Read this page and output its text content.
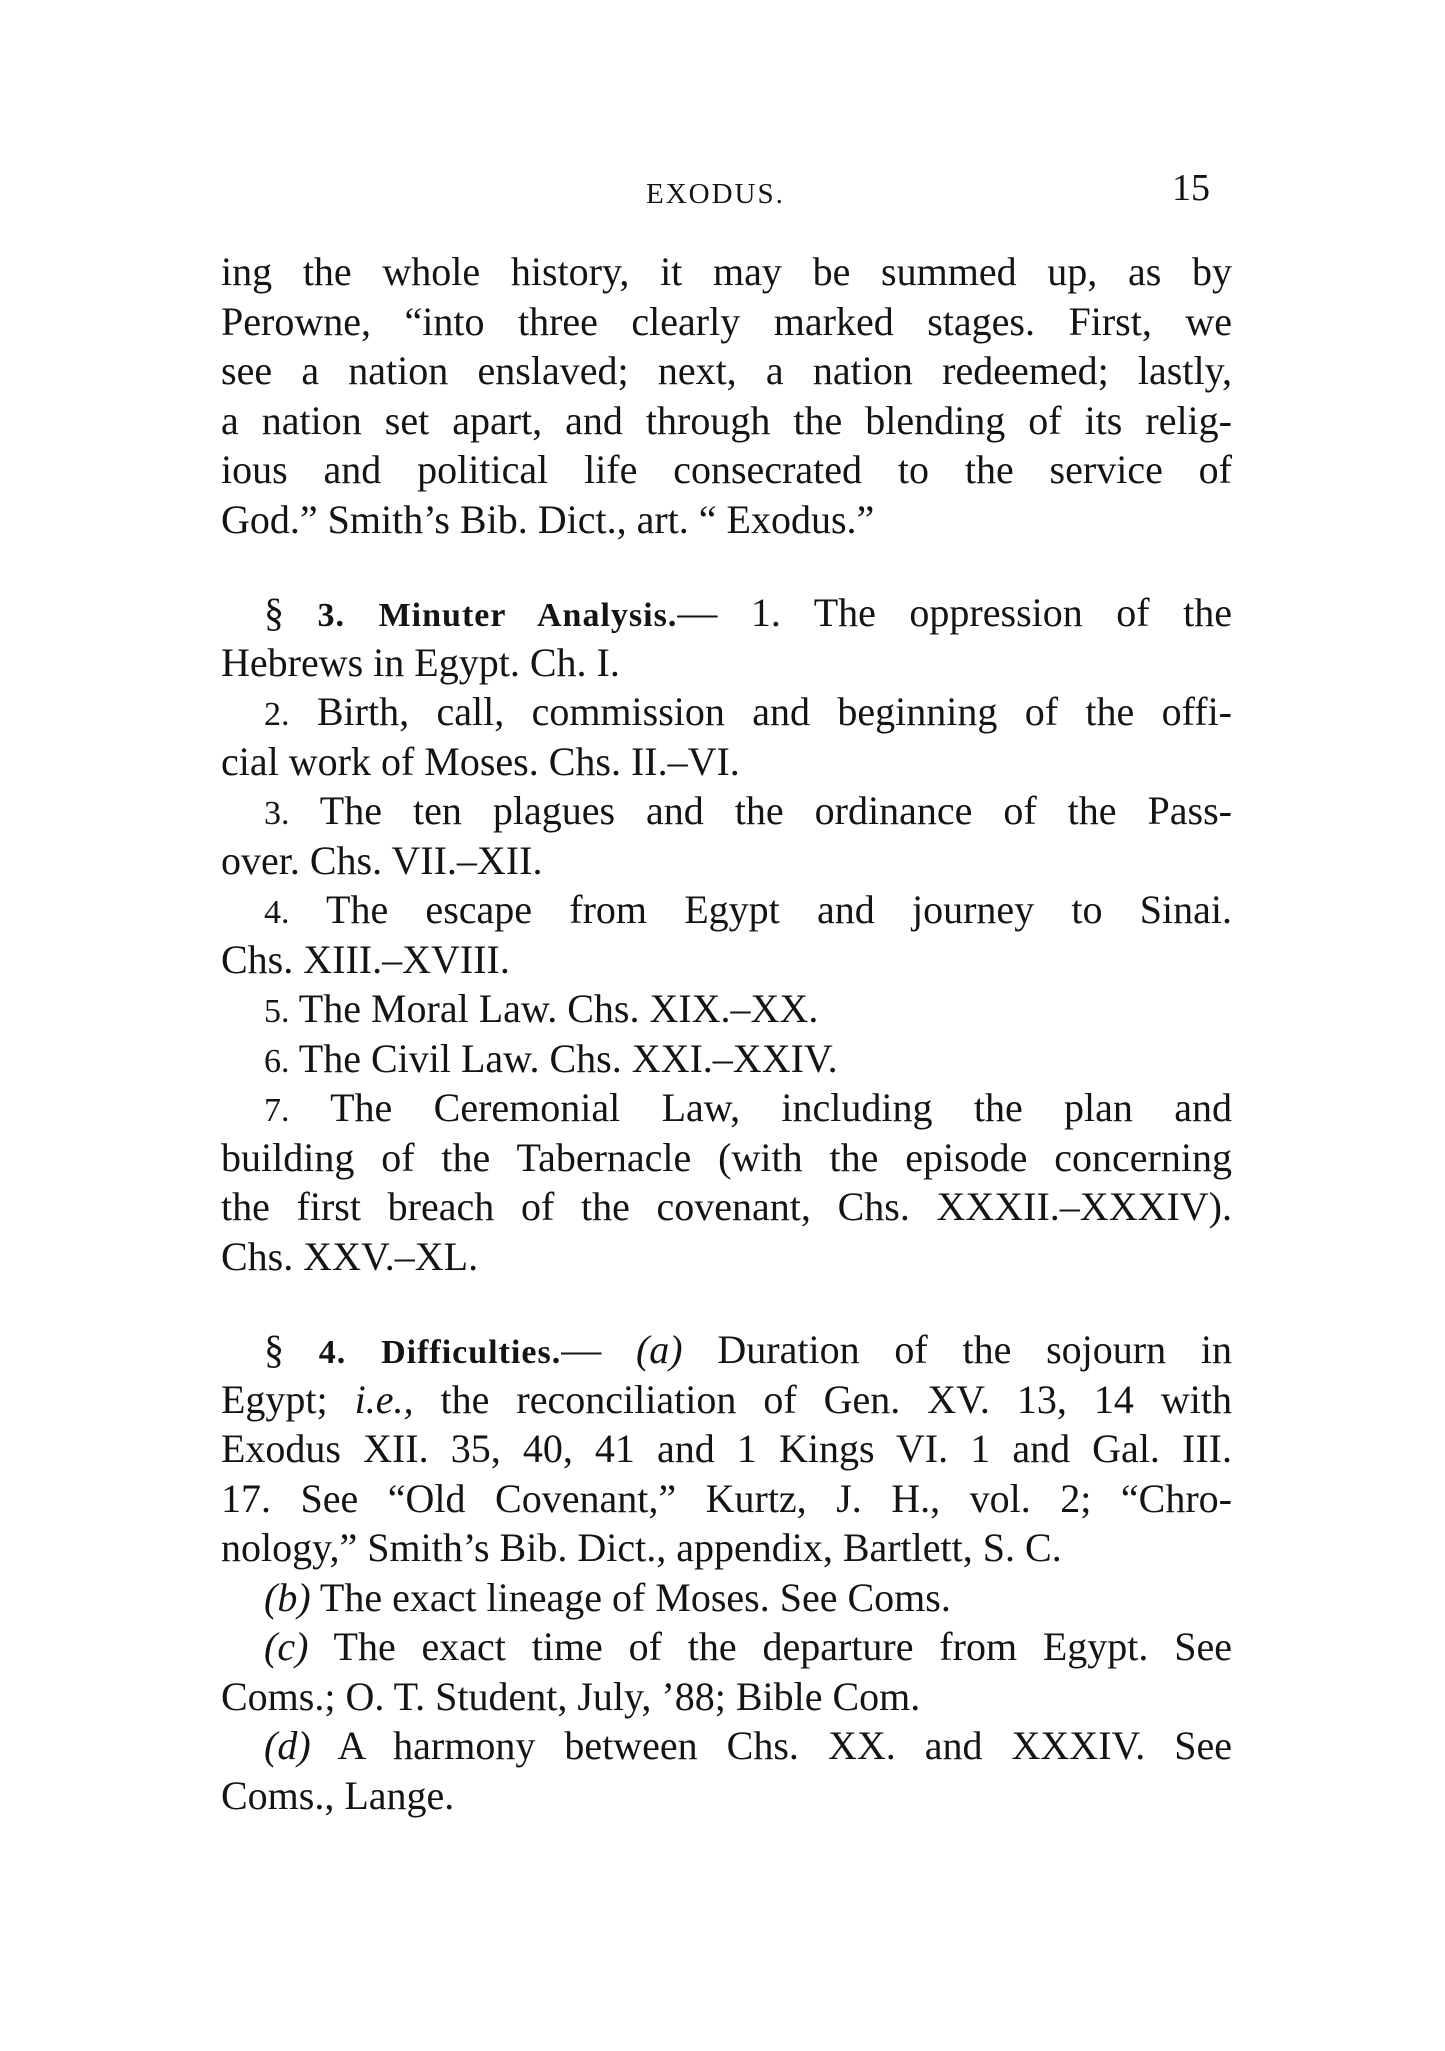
EXODUS.	15
ing the whole history, it may be summed up, as by
Perowne, “into three clearly marked stages. First, we
see a nation enslaved; next, a nation redeemed; lastly,
a nation set apart, and through the blending of its relig-
ious and political life consecrated to the service of
God.” Smith’s Bib. Dict., art. “ Exodus.”
§ 3. Minuter Analysis.— 1. The oppression of the
Hebrews in Egypt. Ch. I.
2. Birth, call, commission and beginning of the offi-
cial work of Moses. Chs. II.–VI.
3. The ten plagues and the ordinance of the Pass-
over. Chs. VII.–XII.
4. The escape from Egypt and journey to Sinai.
Chs. XIII.–XVIII.
5. The Moral Law. Chs. XIX.–XX.
6. The Civil Law. Chs. XXI.–XXIV.
7. The Ceremonial Law, including the plan and
building of the Tabernacle (with the episode concerning
the first breach of the covenant, Chs. XXXII.–XXXIV).
Chs. XXV.–XL.
§ 4. Difficulties.— (a) Duration of the sojourn in
Egypt; i.e., the reconciliation of Gen. XV. 13, 14 with
Exodus XII. 35, 40, 41 and 1 Kings VI. 1 and Gal. III.
17. See “Old Covenant,” Kurtz, J. H., vol. 2; “Chro-
nology,” Smith’s Bib. Dict., appendix, Bartlett, S. C.
(b) The exact lineage of Moses. See Coms.
(c) The exact time of the departure from Egypt. See
Coms.; O. T. Student, July, ’88; Bible Com.
(d) A harmony between Chs. XX. and XXXIV. See
Coms., Lange.
